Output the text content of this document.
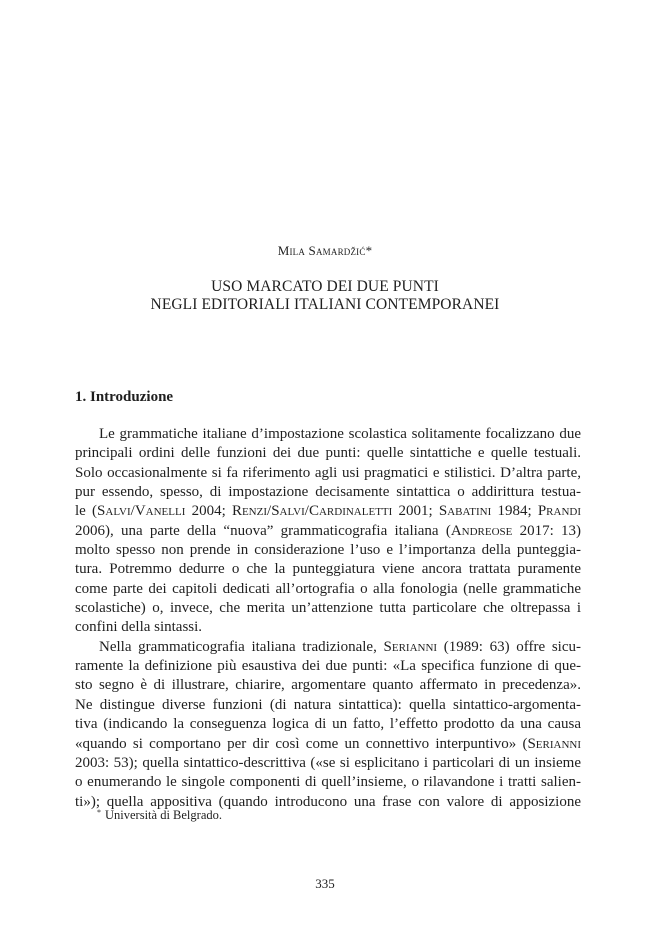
Mila Samardžić*
USO MARCATO DEI DUE PUNTI
NEGLI EDITORIALI ITALIANI CONTEMPORANEI
1. Introduzione
Le grammatiche italiane d’impostazione scolastica solitamente focalizzano due
principali ordini delle funzioni dei due punti: quelle sintattiche e quelle testuali.
Solo occasionalmente si fa riferimento agli usi pragmatici e stilistici. D’altra parte,
pur essendo, spesso, di impostazione decisamente sintattica o addirittura testua-
le (Salvi/Vanelli 2004; Renzi/Salvi/Cardinaletti 2001; Sabatini 1984; Prandi
2006), una parte della “nuova” grammaticografia italiana (Andreose 2017: 13)
molto spesso non prende in considerazione l’uso e l’importanza della punteggia-
tura. Potremmo dedurre o che la punteggiatura viene ancora trattata puramente
come parte dei capitoli dedicati all’ortografia o alla fonologia (nelle grammatiche
scolastiche) o, invece, che merita un’attenzione tutta particolare che oltrepassa i
confini della sintassi.
Nella grammaticografia italiana tradizionale, Serianni (1989: 63) offre sicu-
ramente la definizione più esaustiva dei due punti: «La specifica funzione di que-
sto segno è di illustrare, chiarire, argomentare quanto affermato in precedenza».
Ne distingue diverse funzioni (di natura sintattica): quella sintattico-argomenta-
tiva (indicando la conseguenza logica di un fatto, l’effetto prodotto da una causa
«quando si comportano per dir così come un connettivo interpuntivo» (Serianni
2003: 53); quella sintattico-descrittiva («se si esplicitano i particolari di un insieme
o enumerando le singole componenti di quell’insieme, o rilavandone i tratti salien-
ti»); quella appositiva (quando introducono una frase con valore di apposizione
* Università di Belgrado.
335
